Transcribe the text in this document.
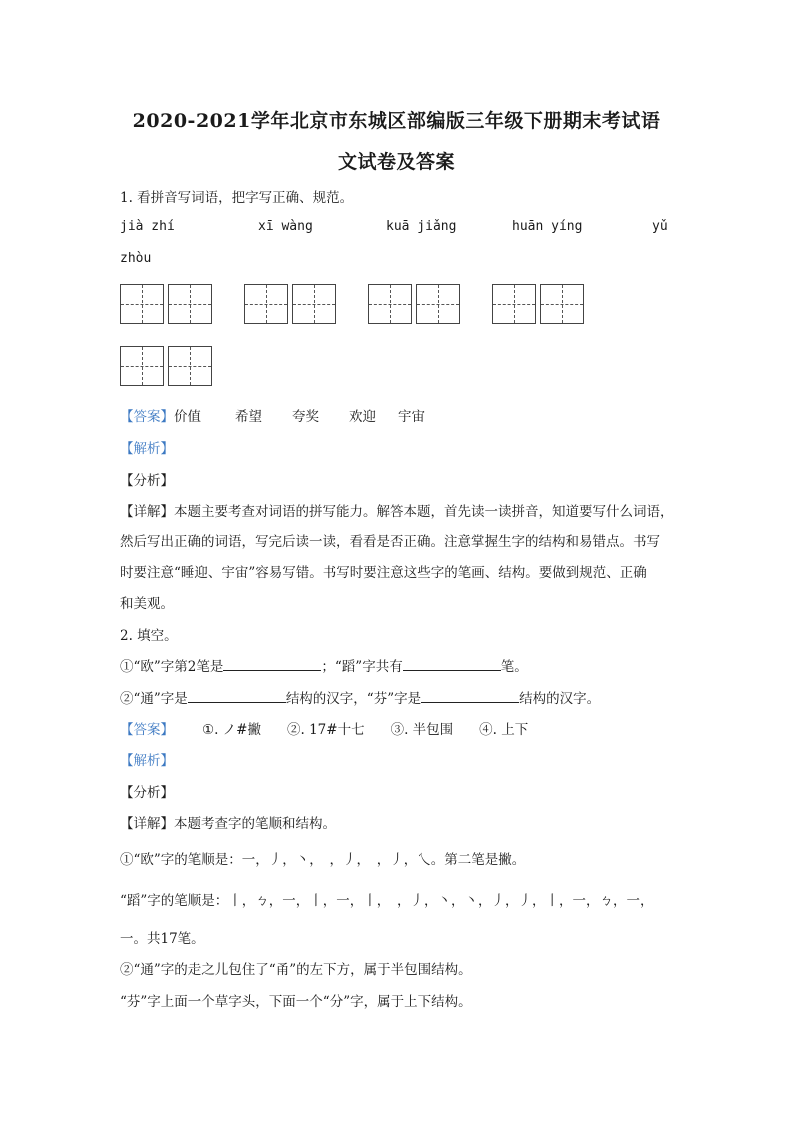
2020-2021学年北京市东城区部编版三年级下册期末考试语
文试卷及答案
1. 看拼音写词语，把字写正确、规范。
jià zhí	xī wàng	kuā jiǎng	huān yíng	yǔ
zhòu
【答案】价值	希望 夸奖 欢迎 宇宙
【解析】
【分析】
【详解】本题主要考查对词语的拼写能力。解答本题，首先读一读拼音，知道要写什么词语，
然后写出正确的词语，写完后读一读，看看是否正确。注意掌握生字的结构和易错点。书写
时要注意“睡迎、宇宙”容易写错。书写时要注意这些字的笔画、结构。要做到规范、正确
和美观。
2. 填空。
①“欧”字第2笔是	；“蹈”字共有	笔。
②“通”字是	结构的汉字，“芬”字是	结构的汉字。
【答案】 ①. ノ#撇 ②. 17#十七 ③. 半包围 ④. 上下
【解析】
【分析】
【详解】本题考查字的笔顺和结构。
①“欧”字的笔顺是：一，丿，丶，　，丿，　，丿，乀。第二笔是撇。
“蹈”字的笔顺是：丨，ㄅ，一，丨，一，丨，　，丿，丶，丶，丿，丿，丨，一，ㄅ，一，
一。共17笔。
②“通”字的走之儿包住了“甬”的左下方，属于半包围结构。
“芬”字上面一个草字头，下面一个“分”字，属于上下结构。
